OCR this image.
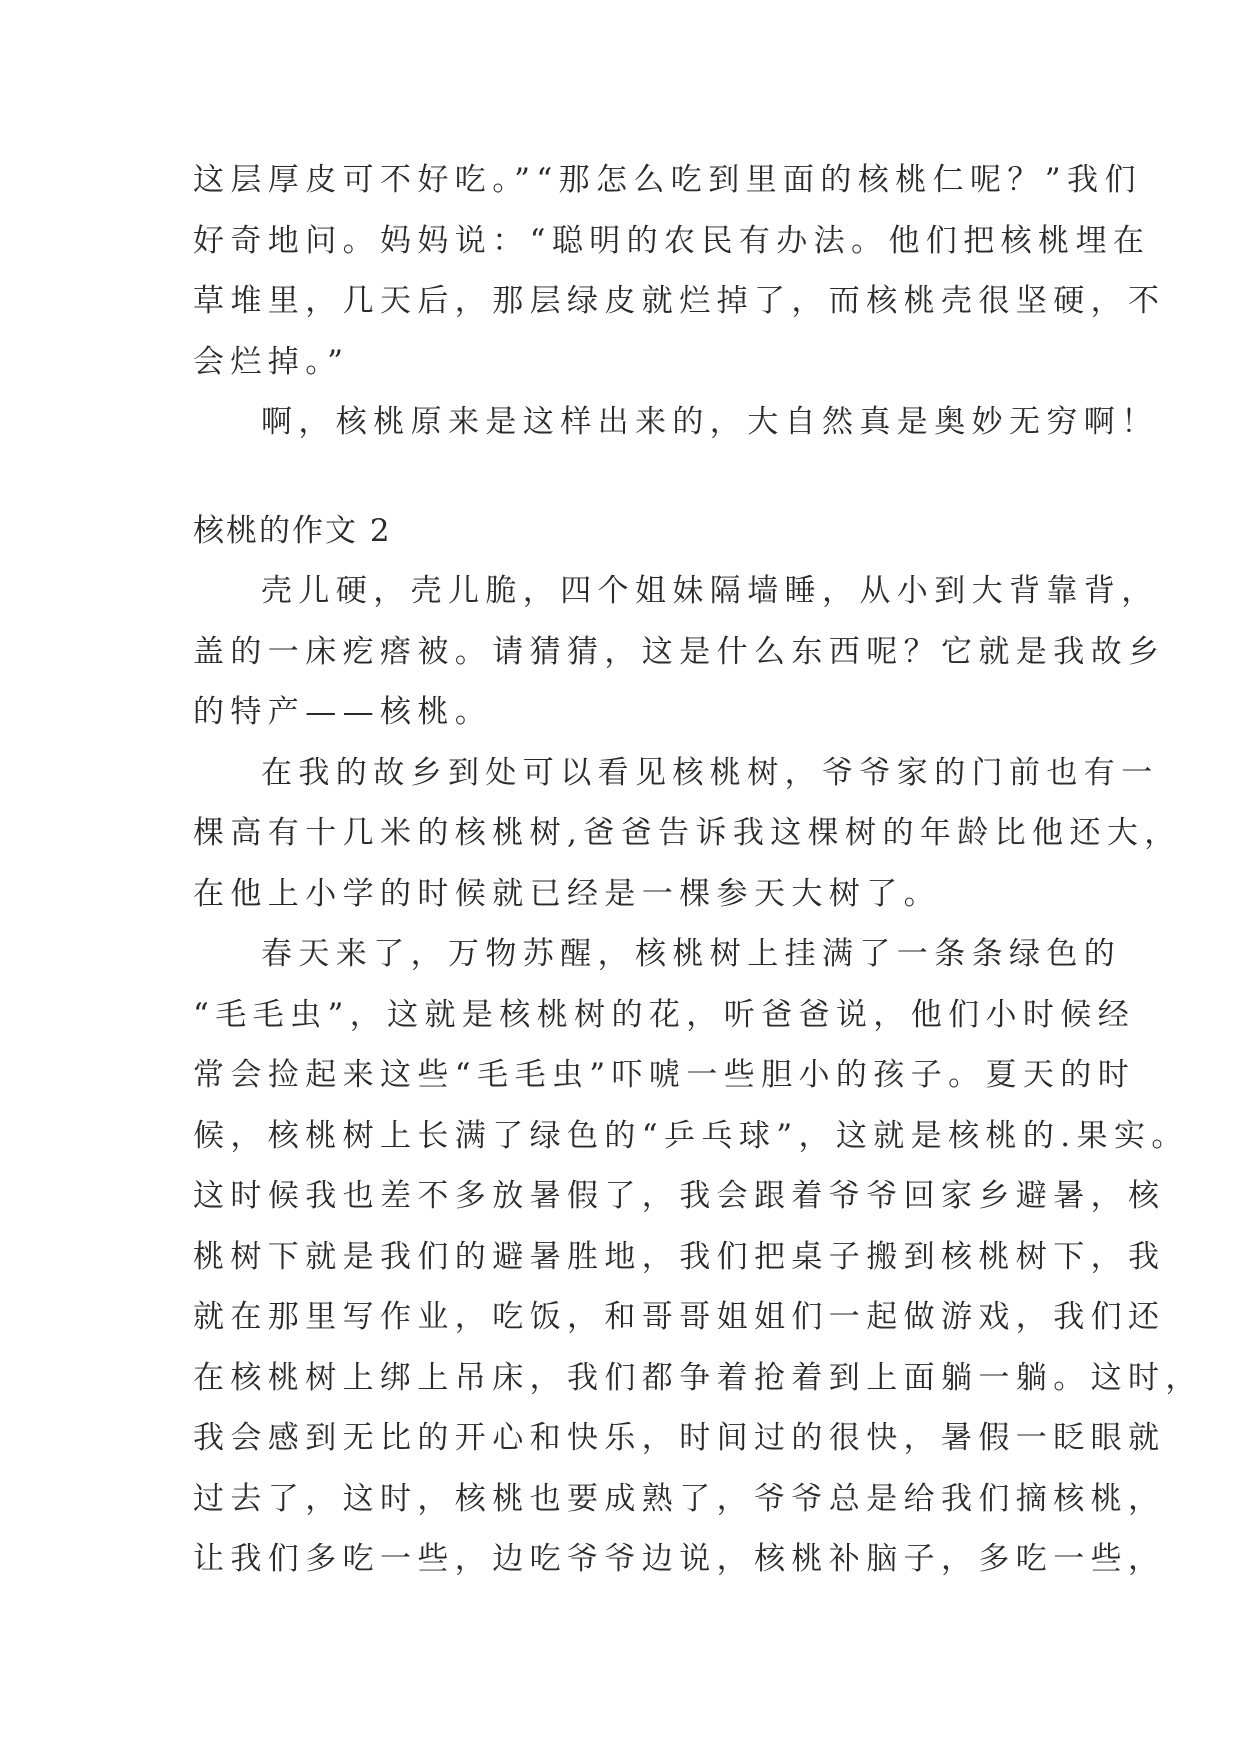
这层厚皮可不好吃。”“那怎么吃到里面的核桃仁呢？”我们
好奇地问。妈妈说：“聪明的农民有办法。他们把核桃埋在
草堆里，几天后，那层绿皮就烂掉了，而核桃壳很坚硬，不
会烂掉。”
啊，核桃原来是这样出来的，大自然真是奥妙无穷啊！
核桃的作文 2
壳儿硬，壳儿脆，四个姐妹隔墙睡，从小到大背靠背，
盖的一床疙瘩被。请猜猜，这是什么东西呢？它就是我故乡
的特产——核桃。
在我的故乡到处可以看见核桃树，爷爷家的门前也有一
棵高有十几米的核桃树,爸爸告诉我这棵树的年龄比他还大，
在他上小学的时候就已经是一棵参天大树了。
春天来了，万物苏醒，核桃树上挂满了一条条绿色的
“毛毛虫”，这就是核桃树的花，听爸爸说，他们小时候经
常会捡起来这些“毛毛虫”吓唬一些胆小的孩子。夏天的时
候，核桃树上长满了绿色的“乒乓球”，这就是核桃的.果实。
这时候我也差不多放暑假了，我会跟着爷爷回家乡避暑，核
桃树下就是我们的避暑胜地，我们把桌子搬到核桃树下，我
就在那里写作业，吃饭，和哥哥姐姐们一起做游戏，我们还
在核桃树上绑上吊床，我们都争着抢着到上面躺一躺。这时，
我会感到无比的开心和快乐，时间过的很快，暑假一眨眼就
过去了，这时，核桃也要成熟了，爷爷总是给我们摘核桃，
让我们多吃一些，边吃爷爷边说，核桃补脑子，多吃一些，
